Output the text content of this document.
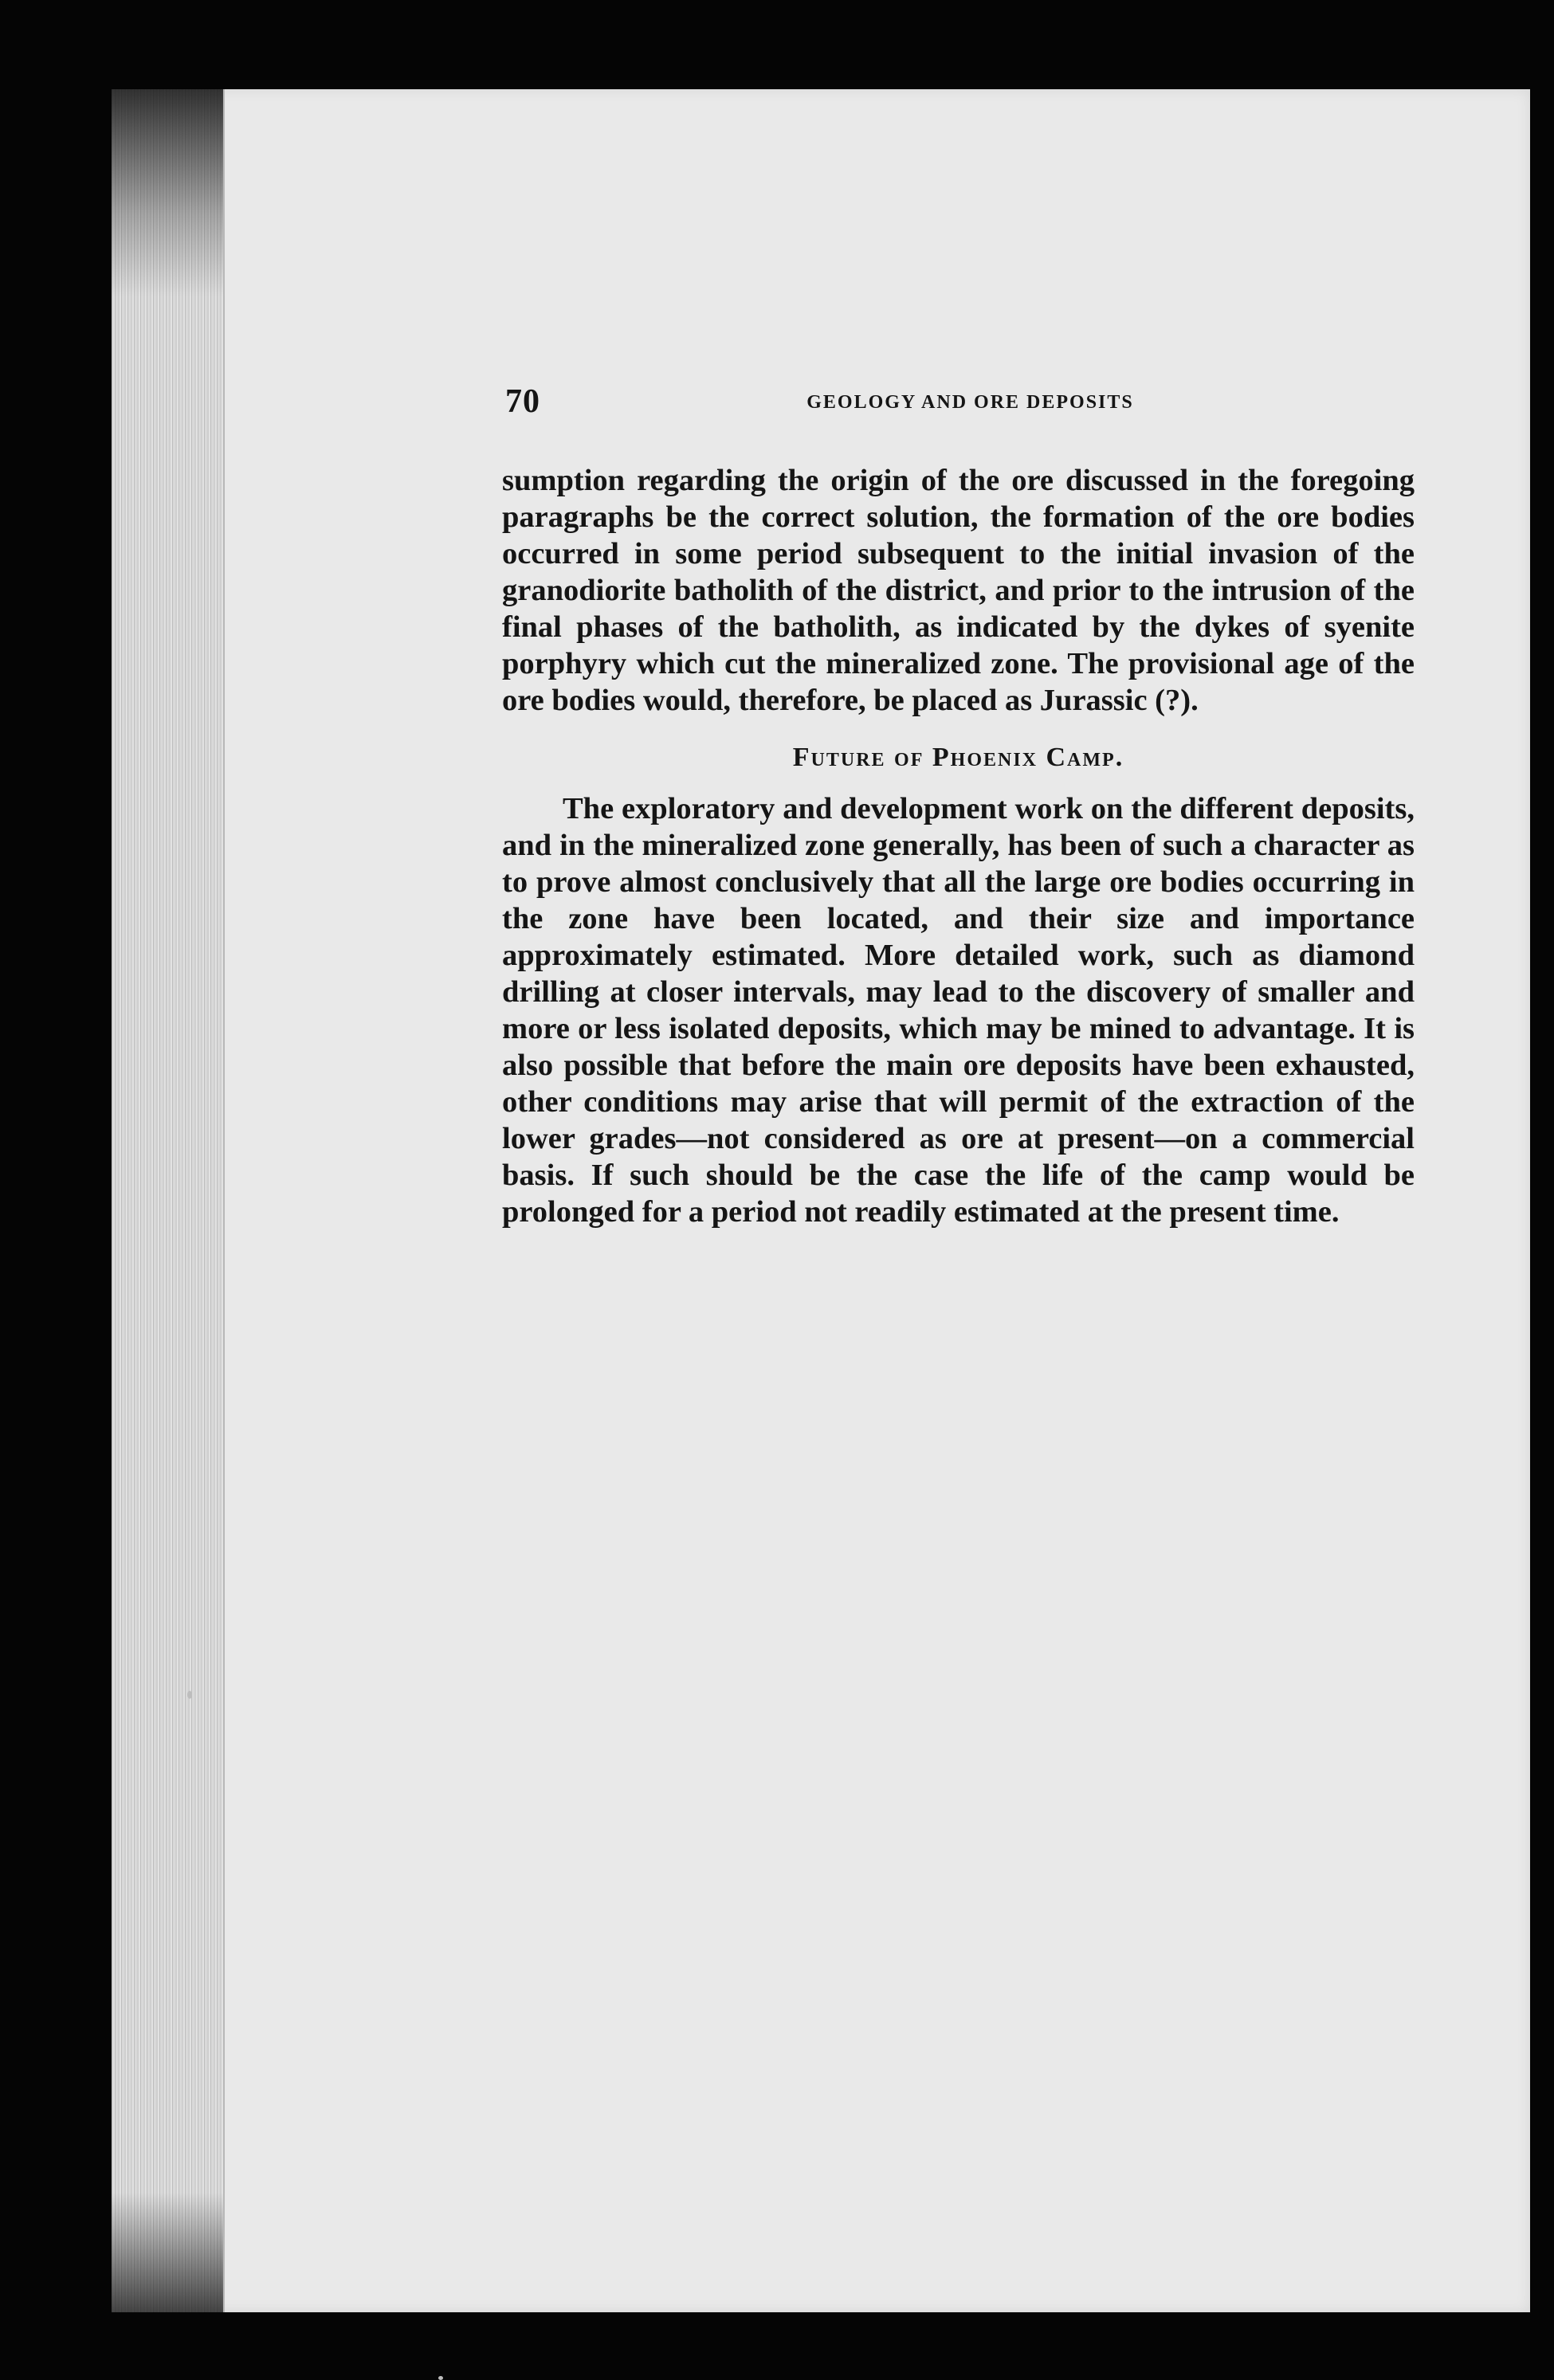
70	GEOLOGY AND ORE DEPOSITS

sumption regarding the origin of the ore discussed in the foregoing paragraphs be the correct solution, the formation of the ore bodies occurred in some period subsequent to the initial invasion of the granodiorite batholith of the district, and prior to the intrusion of the final phases of the batholith, as indicated by the dykes of syenite porphyry which cut the mineralized zone. The provisional age of the ore bodies would, therefore, be placed as Jurassic (?).

Future of Phoenix Camp.

The exploratory and development work on the different deposits, and in the mineralized zone generally, has been of such a character as to prove almost conclusively that all the large ore bodies occurring in the zone have been located, and their size and importance approximately estimated. More detailed work, such as diamond drilling at closer intervals, may lead to the discovery of smaller and more or less isolated deposits, which may be mined to advantage. It is also possible that before the main ore deposits have been exhausted, other conditions may arise that will permit of the extraction of the lower grades—not considered as ore at present—on a commercial basis. If such should be the case the life of the camp would be prolonged for a period not readily estimated at the present time.
